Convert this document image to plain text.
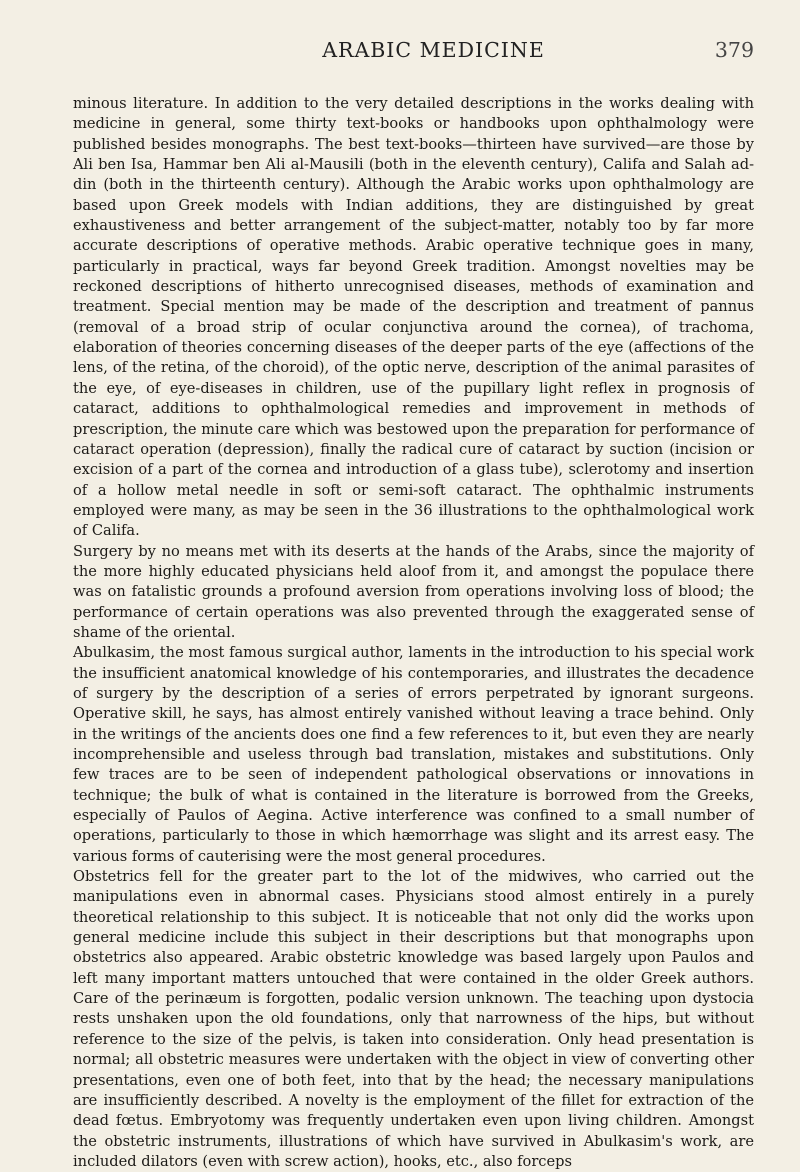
ARABIC MEDICINE	379

minous literature. In addition to the very detailed descriptions in the works dealing with medicine in general, some thirty text-books or handbooks upon ophthalmology were published besides monographs. The best text-books—thirteen have survived—are those by Ali ben Isa, Hammar ben Ali al-Mausili (both in the eleventh century), Califa and Salah ad-din (both in the thirteenth century). Although the Arabic works upon ophthalmology are based upon Greek models with Indian additions, they are distinguished by great exhaustiveness and better arrangement of the subject-matter, notably too by far more accurate descriptions of operative methods. Arabic operative technique goes in many, particularly in practical, ways far beyond Greek tradition. Amongst novelties may be reckoned descriptions of hitherto unrecognised diseases, methods of examination and treatment. Special mention may be made of the description and treatment of pannus (removal of a broad strip of ocular conjunctiva around the cornea), of trachoma, elaboration of theories concerning diseases of the deeper parts of the eye (affections of the lens, of the retina, of the choroid), of the optic nerve, description of the animal parasites of the eye, of eye-diseases in children, use of the pupillary light reflex in prognosis of cataract, additions to ophthalmological remedies and improvement in methods of prescription, the minute care which was bestowed upon the preparation for performance of cataract operation (depression), finally the radical cure of cataract by suction (incision or excision of a part of the cornea and introduction of a glass tube), sclerotomy and insertion of a hollow metal needle in soft or semi-soft cataract. The ophthalmic instruments employed were many, as may be seen in the 36 illustrations to the ophthalmological work of Califa.

Surgery by no means met with its deserts at the hands of the Arabs, since the majority of the more highly educated physicians held aloof from it, and amongst the populace there was on fatalistic grounds a profound aversion from operations involving loss of blood; the performance of certain operations was also prevented through the exaggerated sense of shame of the oriental.

Abulkasim, the most famous surgical author, laments in the introduction to his special work the insufficient anatomical knowledge of his contemporaries, and illustrates the decadence of surgery by the description of a series of errors perpetrated by ignorant surgeons. Operative skill, he says, has almost entirely vanished without leaving a trace behind. Only in the writings of the ancients does one find a few references to it, but even they are nearly incomprehensible and useless through bad translation, mistakes and substitutions. Only few traces are to be seen of independent pathological observations or innovations in technique; the bulk of what is contained in the literature is borrowed from the Greeks, especially of Paulos of Aegina. Active interference was confined to a small number of operations, particularly to those in which hæmorrhage was slight and its arrest easy. The various forms of cauterising were the most general procedures.

Obstetrics fell for the greater part to the lot of the midwives, who carried out the manipulations even in abnormal cases. Physicians stood almost entirely in a purely theoretical relationship to this subject. It is noticeable that not only did the works upon general medicine include this subject in their descriptions but that monographs upon obstetrics also appeared. Arabic obstetric knowledge was based largely upon Paulos and left many important matters untouched that were contained in the older Greek authors. Care of the perinæum is forgotten, podalic version unknown. The teaching upon dystocia rests unshaken upon the old foundations, only that narrowness of the hips, but without reference to the size of the pelvis, is taken into consideration. Only head presentation is normal; all obstetric measures were undertaken with the object in view of converting other presentations, even one of both feet, into that by the head; the necessary manipulations are insufficiently described. A novelty is the employment of the fillet for extraction of the dead fœtus. Embryotomy was frequently undertaken even upon living children. Amongst the obstetric instruments, illustrations of which have survived in Abulkasim's work, are included dilators (even with screw action), hooks, etc., also forceps
